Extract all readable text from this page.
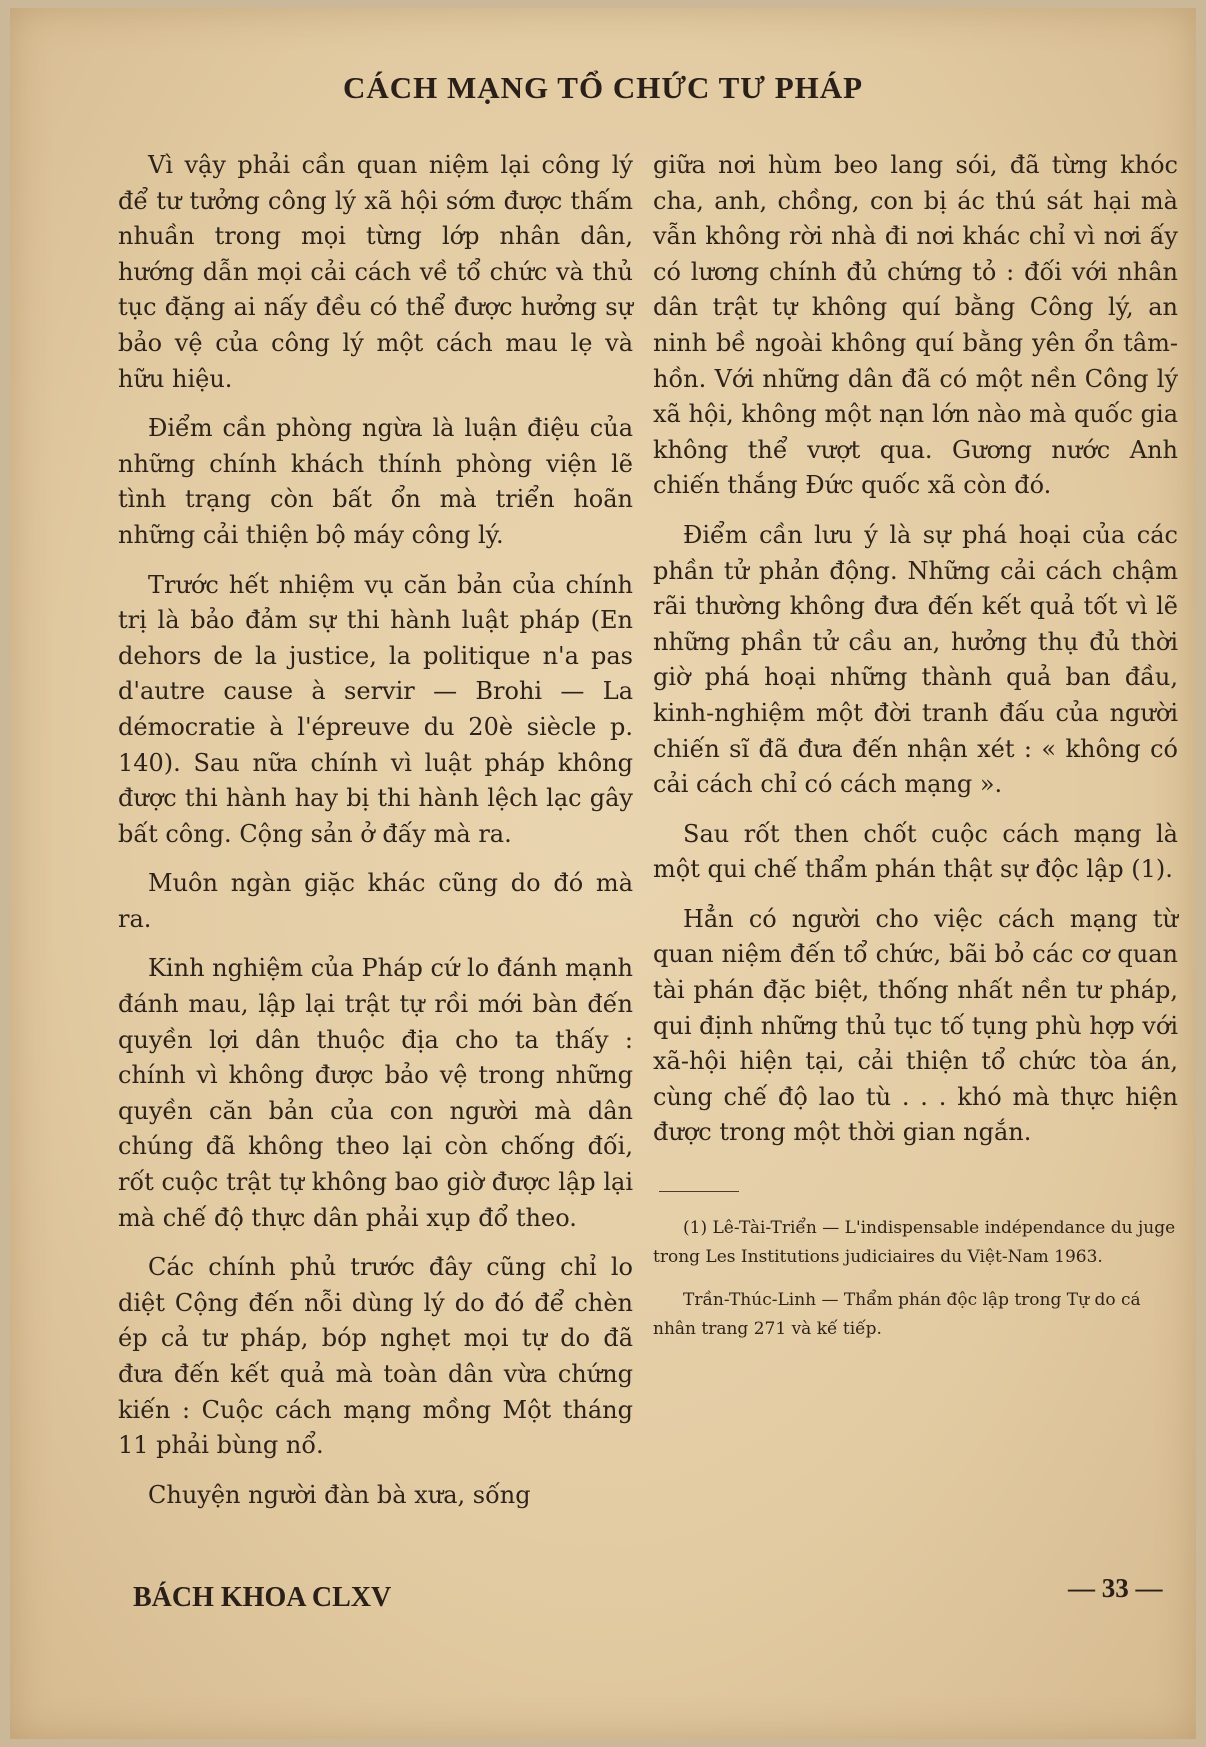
CÁCH MẠNG TỔ CHỨC TƯ PHÁP

Vì vậy phải cần quan niệm lại công lý để tư tưởng công lý xã hội sớm được thấm nhuần trong mọi từng lớp nhân dân, hướng dẫn mọi cải cách về tổ chức và thủ tục đặng ai nấy đều có thể được hưởng sự bảo vệ của công lý một cách mau lẹ và hữu hiệu.

Điểm cần phòng ngừa là luận điệu của những chính khách thính phòng viện lẽ tình trạng còn bất ổn mà triển hoãn những cải thiện bộ máy công lý.

Trước hết nhiệm vụ căn bản của chính trị là bảo đảm sự thi hành luật pháp (En dehors de la justice, la politique n'a pas d'autre cause à servir — Brohi — La démocratie à l'épreuve du 20è siècle p. 140). Sau nữa chính vì luật pháp không được thi hành hay bị thi hành lệch lạc gây bất công. Cộng sản ở đấy mà ra.

Muôn ngàn giặc khác cũng do đó mà ra.

Kinh nghiệm của Pháp cứ lo đánh mạnh đánh mau, lập lại trật tự rồi mới bàn đến quyền lợi dân thuộc địa cho ta thấy : chính vì không được bảo vệ trong những quyền căn bản của con người mà dân chúng đã không theo lại còn chống đối, rốt cuộc trật tự không bao giờ được lập lại mà chế độ thực dân phải xụp đổ theo.

Các chính phủ trước đây cũng chỉ lo diệt Cộng đến nỗi dùng lý do đó để chèn ép cả tư pháp, bóp nghẹt mọi tự do đã đưa đến kết quả mà toàn dân vừa chứng kiến : Cuộc cách mạng mồng Một tháng 11 phải bùng nổ.

Chuyện người đàn bà xưa, sống

giữa nơi hùm beo lang sói, đã từng khóc cha, anh, chồng, con bị ác thú sát hại mà vẫn không rời nhà đi nơi khác chỉ vì nơi ấy có lương chính đủ chứng tỏ : đối với nhân dân trật tự không quí bằng Công lý, an ninh bề ngoài không quí bằng yên ổn tâm-hồn. Với những dân đã có một nền Công lý xã hội, không một nạn lớn nào mà quốc gia không thể vượt qua. Gương nước Anh chiến thắng Đức quốc xã còn đó.

Điểm cần lưu ý là sự phá hoại của các phần tử phản động. Những cải cách chậm rãi thường không đưa đến kết quả tốt vì lẽ những phần tử cầu an, hưởng thụ đủ thời giờ phá hoại những thành quả ban đầu, kinh-nghiệm một đời tranh đấu của người chiến sĩ đã đưa đến nhận xét : « không có cải cách chỉ có cách mạng ».

Sau rốt then chốt cuộc cách mạng là một qui chế thẩm phán thật sự độc lập (1).

Hẳn có người cho việc cách mạng từ quan niệm đến tổ chức, bãi bỏ các cơ quan tài phán đặc biệt, thống nhất nền tư pháp, qui định những thủ tục tố tụng phù hợp với xã-hội hiện tại, cải thiện tổ chức tòa án, cùng chế độ lao tù . . . khó mà thực hiện được trong một thời gian ngắn.

(1) Lê-Tài-Triển — L'indispensable indépendance du juge trong Les Institutions judiciaires du Việt-Nam 1963.

Trần-Thúc-Linh — Thẩm phán độc lập trong Tự do cá nhân trang 271 và kế tiếp.

BÁCH KHOA CLXV	— 33 —
